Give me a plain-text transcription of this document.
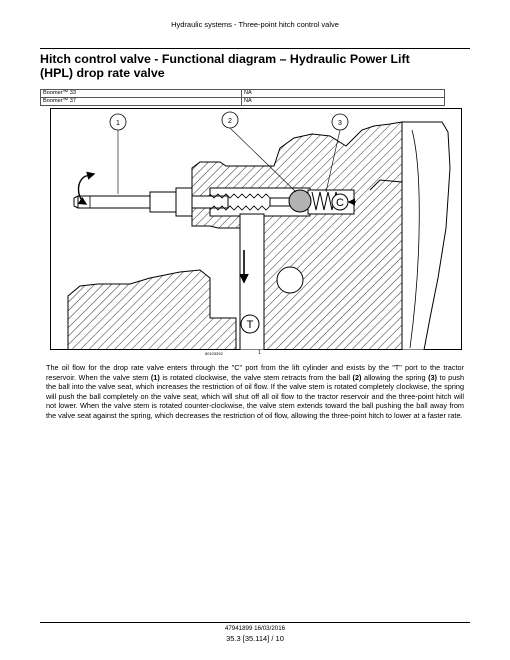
Hydraulic systems - Three-point hitch control valve
Hitch control valve - Functional diagram – Hydraulic Power Lift
(HPL) drop rate valve
Boomer™ 33	NA
Boomer™ 37	NA
C
T
1	2	3
80103392	1
The oil flow for the drop rate valve enters through the "C" port from the lift cylinder and exists by the "T" port to the tractor reservoir. When the valve stem (1) is rotated clockwise, the valve stem retracts from the ball (2) allowing the spring (3) to push the ball into the valve seat, which increases the restriction of oil flow. If the valve stem is rotated completely clockwise, the spring will push the ball completely on the valve seat, which will shut off all oil flow to the tractor reservoir and the three-point hitch will not lower. When the valve stem is rotated counter-clockwise, the valve stem extends toward the ball pushing the ball away from the valve seat against the spring, which decreases the restriction of oil flow, allowing the three-point hitch to lower at a faster rate.
47941899 16/03/2016
35.3 [35.114] / 10
